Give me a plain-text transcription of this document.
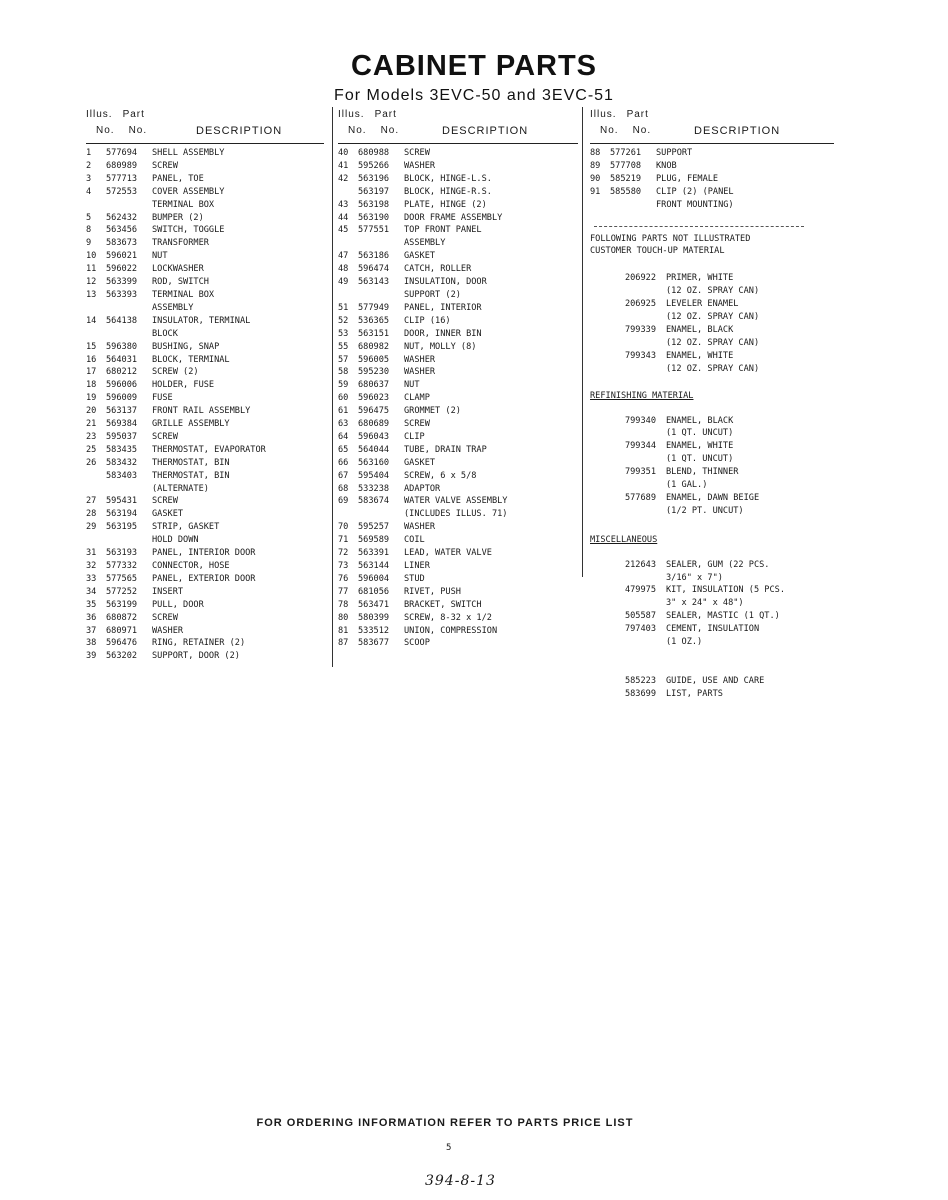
CABINET PARTS
For Models 3EVC-50 and 3EVC-51
Illus. Part
No. No.	DESCRIPTION
1	577694	SHELL ASSEMBLY
2	680989	SCREW
3	577713	PANEL, TOE
4	572553	COVER ASSEMBLY
TERMINAL BOX
5	562432	BUMPER (2)
8	563456	SWITCH, TOGGLE
9	583673	TRANSFORMER
10	596021	NUT
11	596022	LOCKWASHER
12	563399	ROD, SWITCH
13	563393	TERMINAL BOX
ASSEMBLY
14	564138	INSULATOR, TERMINAL
BLOCK
15	596380	BUSHING, SNAP
16	564031	BLOCK, TERMINAL
17	680212	SCREW (2)
18	596006	HOLDER, FUSE
19	596009	FUSE
20	563137	FRONT RAIL ASSEMBLY
21	569384	GRILLE ASSEMBLY
23	595037	SCREW
25	583435	THERMOSTAT, EVAPORATOR
26	583432	THERMOSTAT, BIN
583403	THERMOSTAT, BIN
(ALTERNATE)
27	595431	SCREW
28	563194	GASKET
29	563195	STRIP, GASKET
HOLD DOWN
31	563193	PANEL, INTERIOR DOOR
32	577332	CONNECTOR, HOSE
33	577565	PANEL, EXTERIOR DOOR
34	577252	INSERT
35	563199	PULL, DOOR
36	680872	SCREW
37	680971	WASHER
38	596476	RING, RETAINER (2)
39	563202	SUPPORT, DOOR (2)
Illus. Part
No. No.	DESCRIPTION
40	680988	SCREW
41	595266	WASHER
42	563196	BLOCK, HINGE-L.S.
563197	BLOCK, HINGE-R.S.
43	563198	PLATE, HINGE (2)
44	563190	DOOR FRAME ASSEMBLY
45	577551	TOP FRONT PANEL
ASSEMBLY
47	563186	GASKET
48	596474	CATCH, ROLLER
49	563143	INSULATION, DOOR
SUPPORT (2)
51	577949	PANEL, INTERIOR
52	536365	CLIP (16)
53	563151	DOOR, INNER BIN
55	680982	NUT, MOLLY (8)
57	596005	WASHER
58	595230	WASHER
59	680637	NUT
60	596023	CLAMP
61	596475	GROMMET (2)
63	680689	SCREW
64	596043	CLIP
65	564044	TUBE, DRAIN TRAP
66	563160	GASKET
67	595404	SCREW, 6 x 5/8
68	533238	ADAPTOR
69	583674	WATER VALVE ASSEMBLY
(INCLUDES ILLUS. 71)
70	595257	WASHER
71	569589	COIL
72	563391	LEAD, WATER VALVE
73	563144	LINER
76	596004	STUD
77	681056	RIVET, PUSH
78	563471	BRACKET, SWITCH
80	580399	SCREW, 8-32 x 1/2
81	533512	UNION, COMPRESSION
87	583677	SCOOP
Illus. Part
No. No.	DESCRIPTION
88	577261	SUPPORT
89	577708	KNOB
90	585219	PLUG, FEMALE
91	585580	CLIP (2) (PANEL
FRONT MOUNTING)
FOLLOWING PARTS NOT ILLUSTRATED
CUSTOMER TOUCH-UP MATERIAL
206922	PRIMER, WHITE
(12 OZ. SPRAY CAN)
206925	LEVELER ENAMEL
(12 OZ. SPRAY CAN)
799339	ENAMEL, BLACK
(12 OZ. SPRAY CAN)
799343	ENAMEL, WHITE
(12 OZ. SPRAY CAN)
REFINISHING MATERIAL
799340	ENAMEL, BLACK
(1 QT. UNCUT)
799344	ENAMEL, WHITE
(1 QT. UNCUT)
799351	BLEND, THINNER
(1 GAL.)
577689	ENAMEL, DAWN BEIGE
(1/2 PT. UNCUT)
MISCELLANEOUS
212643	SEALER, GUM (22 PCS.
3/16" x 7")
479975	KIT, INSULATION (5 PCS.
3" x 24" x 48")
505587	SEALER, MASTIC (1 QT.)
797403	CEMENT, INSULATION
(1 OZ.)
585223	GUIDE, USE AND CARE
583699	LIST, PARTS
FOR ORDERING INFORMATION REFER TO PARTS PRICE LIST
5
394-8-13
